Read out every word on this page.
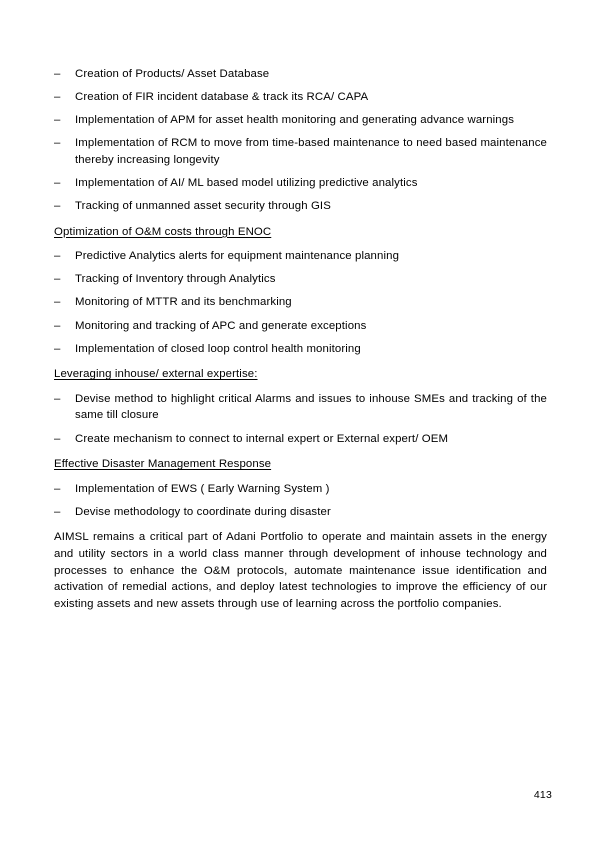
–	Creation of Products/ Asset Database
–	Creation of FIR incident database & track its RCA/ CAPA
–	Implementation of APM for asset health monitoring and generating advance warnings
–	Implementation of RCM to move from time-based maintenance to need based maintenance thereby increasing longevity
–	Implementation of AI/ ML based model utilizing predictive analytics
–	Tracking of unmanned asset security through GIS
Optimization of O&M costs through ENOC
–	Predictive Analytics alerts for equipment maintenance planning
–	Tracking of Inventory through Analytics
–	Monitoring of MTTR and its benchmarking
–	Monitoring and tracking of APC and generate exceptions
–	Implementation of closed loop control health monitoring
Leveraging inhouse/ external expertise:
–	Devise method to highlight critical Alarms and issues to inhouse SMEs and tracking of the same till closure
–	Create mechanism to connect to internal expert or External expert/ OEM
Effective Disaster Management Response
–	Implementation of EWS ( Early Warning System )
–	Devise methodology to coordinate during disaster
AIMSL remains a critical part of Adani Portfolio to operate and maintain assets in the energy and utility sectors in a world class manner through development of inhouse technology and processes to enhance the O&M protocols, automate maintenance issue identification and activation of remedial actions, and deploy latest technologies to improve the efficiency of our existing assets and new assets through use of learning across the portfolio companies.
413
